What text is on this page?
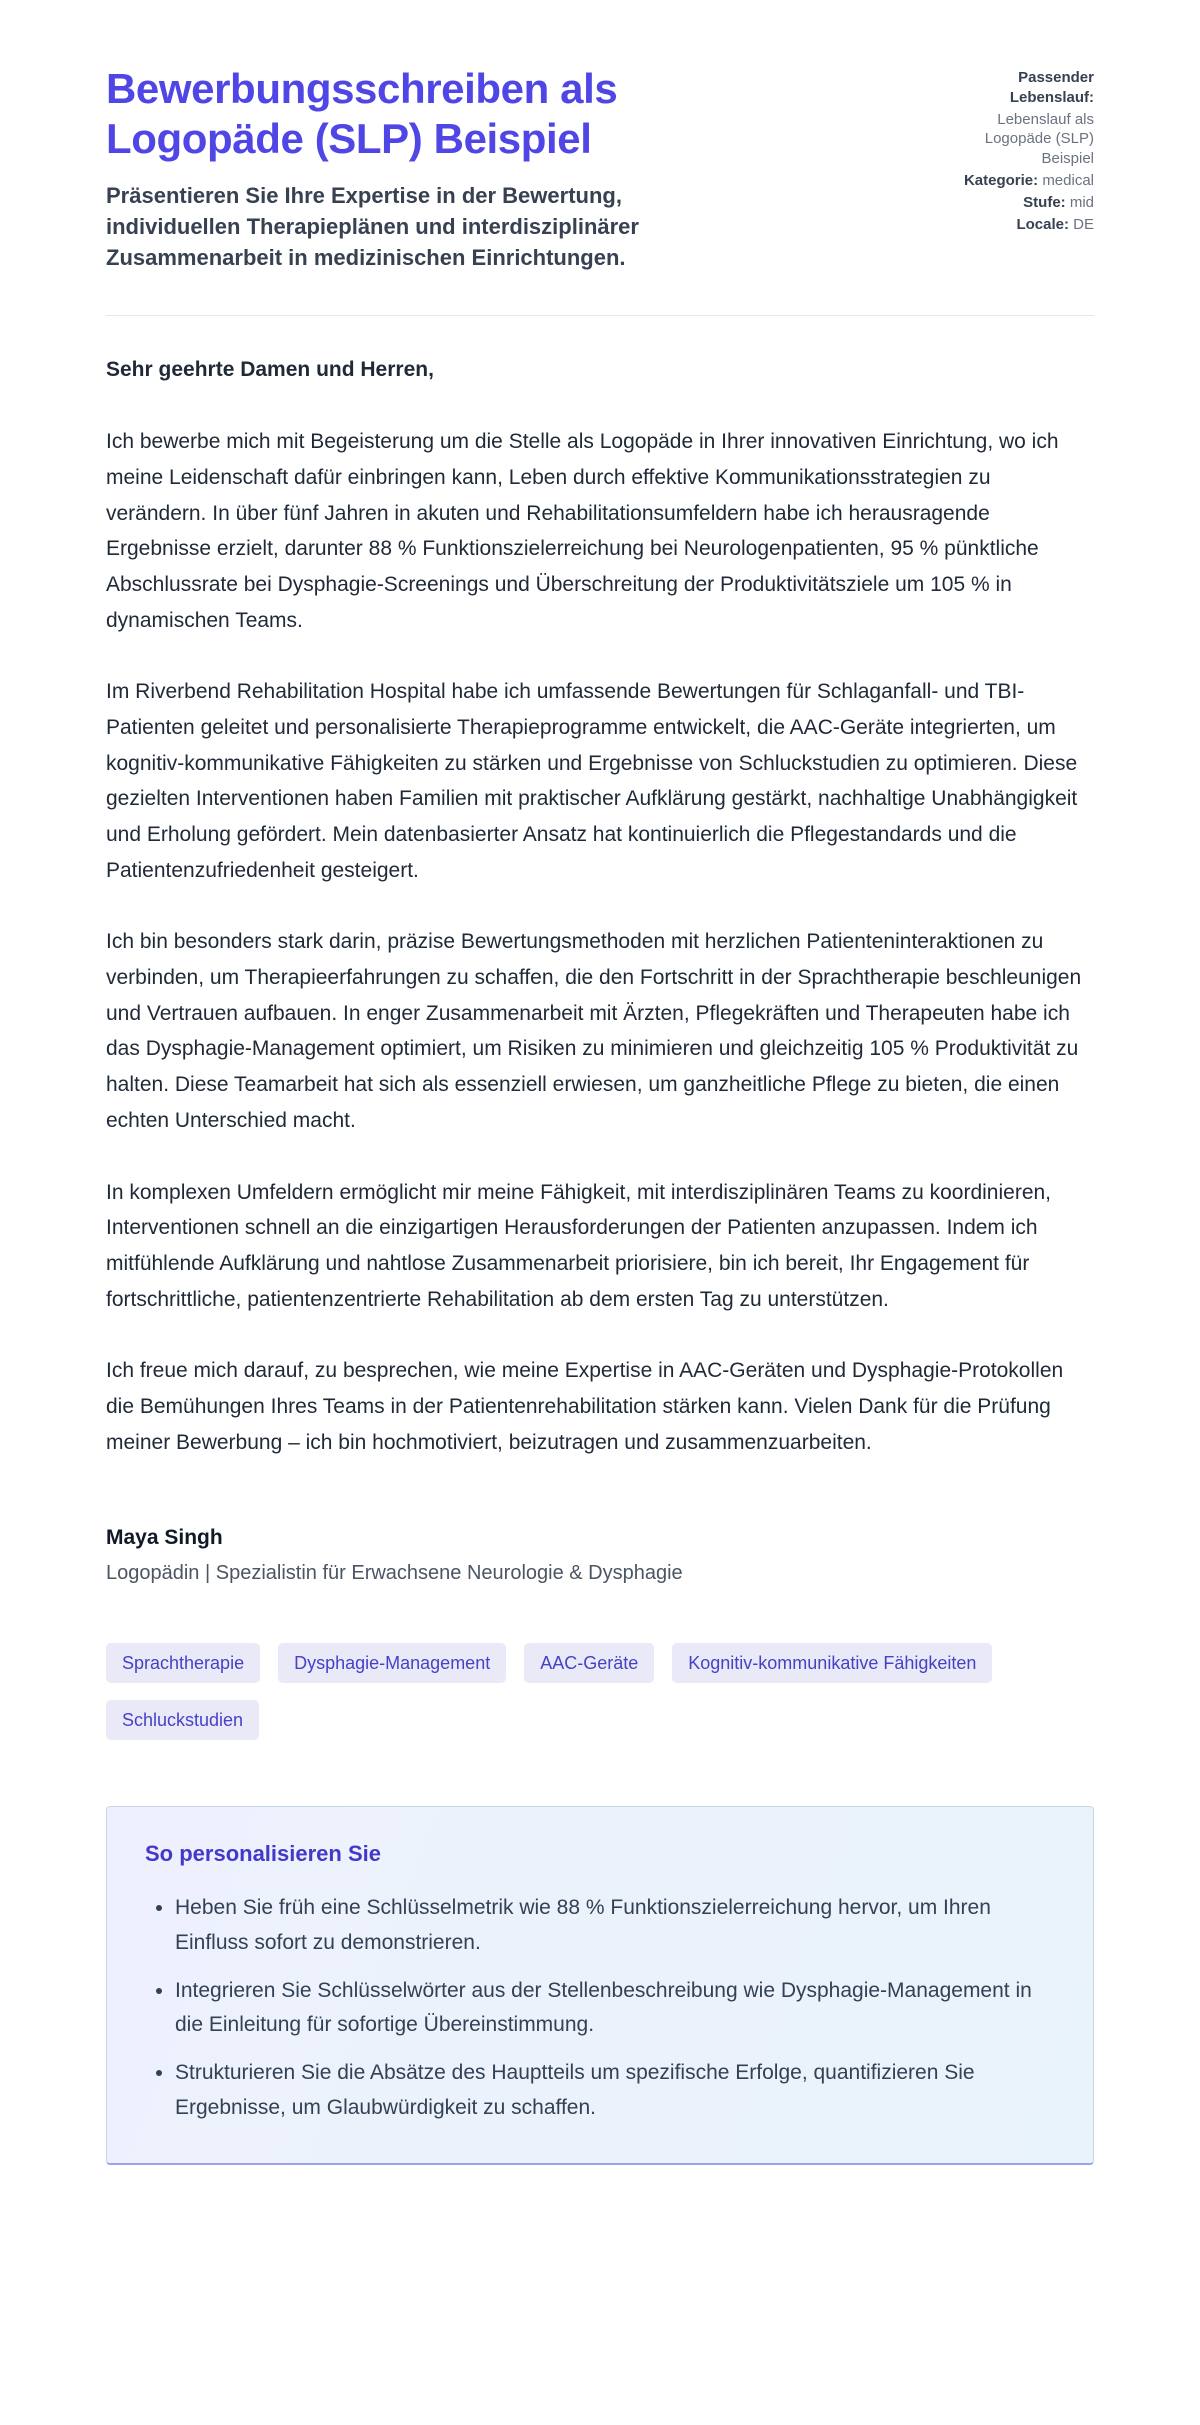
Bewerbungsschreiben als Logopäde (SLP) Beispiel

Präsentieren Sie Ihre Expertise in der Bewertung, individuellen Therapieplänen und interdisziplinärer Zusammenarbeit in medizinischen Einrichtungen.

Passender Lebenslauf:
Lebenslauf als Logopäde (SLP) Beispiel
Kategorie: medical
Stufe: mid
Locale: DE

Sehr geehrte Damen und Herren,

Ich bewerbe mich mit Begeisterung um die Stelle als Logopäde in Ihrer innovativen Einrichtung, wo ich meine Leidenschaft dafür einbringen kann, Leben durch effektive Kommunikationsstrategien zu verändern. In über fünf Jahren in akuten und Rehabilitationsumfeldern habe ich herausragende Ergebnisse erzielt, darunter 88 % Funktionszielerreichung bei Neurologenpatienten, 95 % pünktliche Abschlussrate bei Dysphagie-Screenings und Überschreitung der Produktivitätsziele um 105 % in dynamischen Teams.

Im Riverbend Rehabilitation Hospital habe ich umfassende Bewertungen für Schlaganfall- und TBI-Patienten geleitet und personalisierte Therapieprogramme entwickelt, die AAC-Geräte integrierten, um kognitiv-kommunikative Fähigkeiten zu stärken und Ergebnisse von Schluckstudien zu optimieren. Diese gezielten Interventionen haben Familien mit praktischer Aufklärung gestärkt, nachhaltige Unabhängigkeit und Erholung gefördert. Mein datenbasierter Ansatz hat kontinuierlich die Pflegestandards und die Patientenzufriedenheit gesteigert.

Ich bin besonders stark darin, präzise Bewertungsmethoden mit herzlichen Patienteninteraktionen zu verbinden, um Therapieerfahrungen zu schaffen, die den Fortschritt in der Sprachtherapie beschleunigen und Vertrauen aufbauen. In enger Zusammenarbeit mit Ärzten, Pflegekräften und Therapeuten habe ich das Dysphagie-Management optimiert, um Risiken zu minimieren und gleichzeitig 105 % Produktivität zu halten. Diese Teamarbeit hat sich als essenziell erwiesen, um ganzheitliche Pflege zu bieten, die einen echten Unterschied macht.

In komplexen Umfeldern ermöglicht mir meine Fähigkeit, mit interdisziplinären Teams zu koordinieren, Interventionen schnell an die einzigartigen Herausforderungen der Patienten anzupassen. Indem ich mitfühlende Aufklärung und nahtlose Zusammenarbeit priorisiere, bin ich bereit, Ihr Engagement für fortschrittliche, patientenzentrierte Rehabilitation ab dem ersten Tag zu unterstützen.

Ich freue mich darauf, zu besprechen, wie meine Expertise in AAC-Geräten und Dysphagie-Protokollen die Bemühungen Ihres Teams in der Patientenrehabilitation stärken kann. Vielen Dank für die Prüfung meiner Bewerbung – ich bin hochmotiviert, beizutragen und zusammenzuarbeiten.

Maya Singh
Logopädin | Spezialistin für Erwachsene Neurologie & Dysphagie
Sprachtherapie	Dysphagie-Management	AAC-Geräte	Kognitiv-kommunikative Fähigkeiten
Schluckstudien
So personalisieren Sie
• Heben Sie früh eine Schlüsselmetrik wie 88 % Funktionszielerreichung hervor, um Ihren Einfluss sofort zu demonstrieren.
• Integrieren Sie Schlüsselwörter aus der Stellenbeschreibung wie Dysphagie-Management in die Einleitung für sofortige Übereinstimmung.
• Strukturieren Sie die Absätze des Hauptteils um spezifische Erfolge, quantifizieren Sie Ergebnisse, um Glaubwürdigkeit zu schaffen.
